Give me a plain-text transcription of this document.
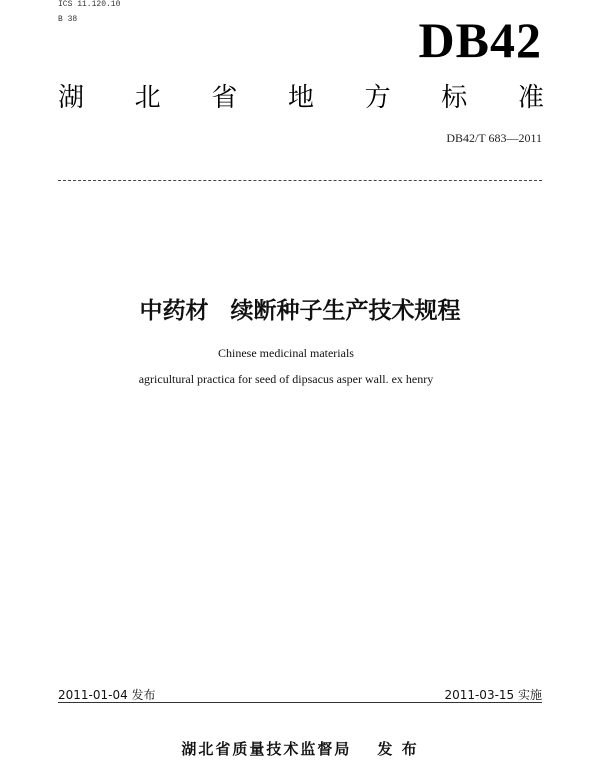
ICS 11.120.10
B 38	DB42
湖 北 省 地 方 标 准
DB42/T 683—2011
中药材 续断种子生产技术规程
Chinese medicinal materials
agricultural practica for seed of dipsacus asper wall. ex henry
2011-01-04 发布	2011-03-15 实施
湖北省质量技术监督局 发 布
